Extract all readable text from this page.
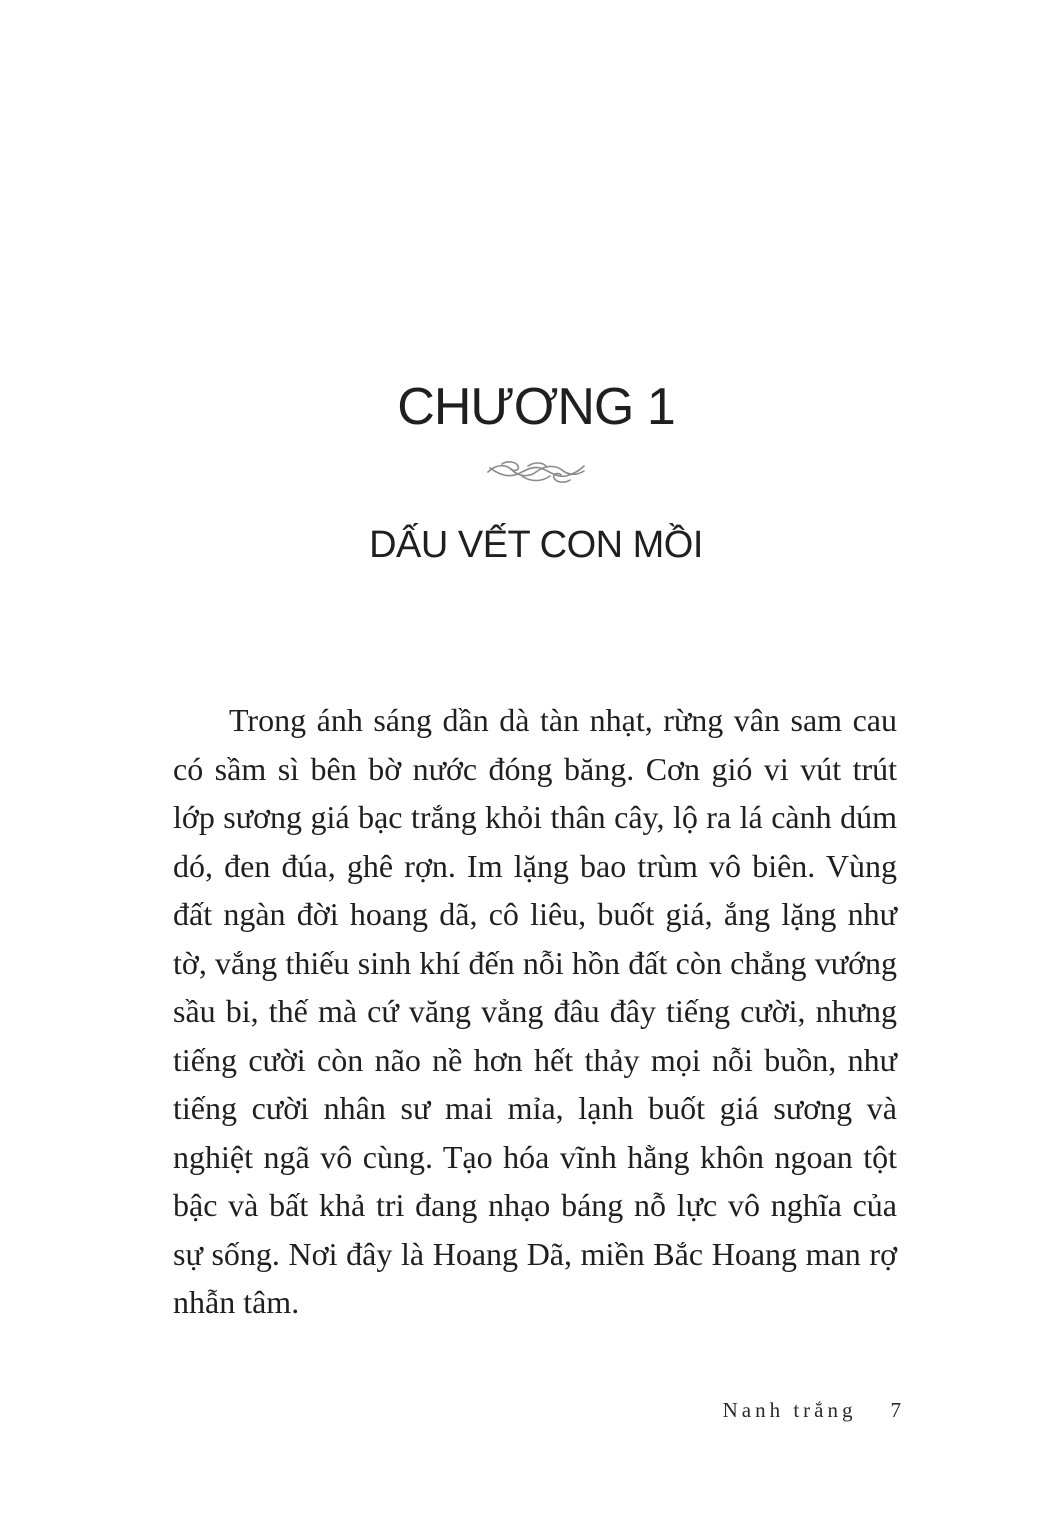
CHƯƠNG 1
DẤU VẾT CON MỒI

Trong ánh sáng dần dà tàn nhạt, rừng vân sam cau có sầm sì bên bờ nước đóng băng. Cơn gió vi vút trút lớp sương giá bạc trắng khỏi thân cây, lộ ra lá cành dúm dó, đen đúa, ghê rợn. Im lặng bao trùm vô biên. Vùng đất ngàn đời hoang dã, cô liêu, buốt giá, ắng lặng như tờ, vắng thiếu sinh khí đến nỗi hồn đất còn chẳng vướng sầu bi, thế mà cứ văng vẳng đâu đây tiếng cười, nhưng tiếng cười còn não nề hơn hết thảy mọi nỗi buồn, như tiếng cười nhân sư mai mỉa, lạnh buốt giá sương và nghiệt ngã vô cùng. Tạo hóa vĩnh hằng khôn ngoan tột bậc và bất khả tri đang nhạo báng nỗ lực vô nghĩa của sự sống. Nơi đây là Hoang Dã, miền Bắc Hoang man rợ nhẫn tâm.

Nanh trắng 7
